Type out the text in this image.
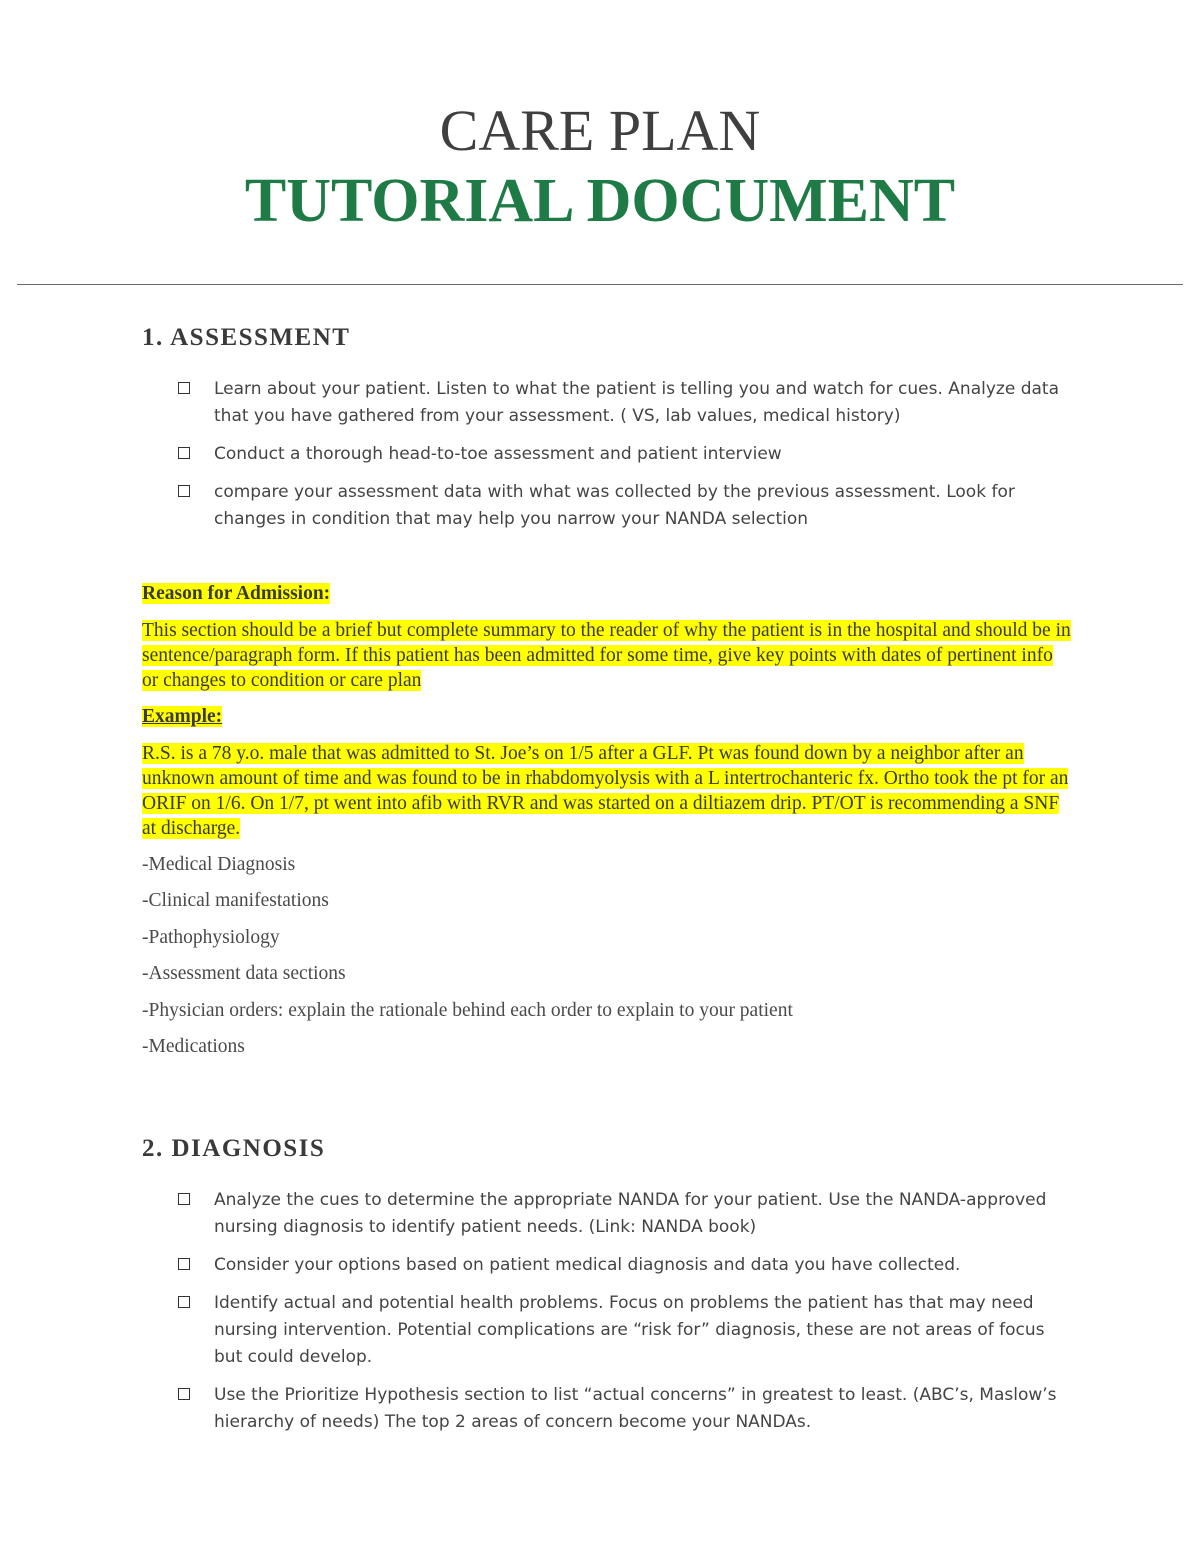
CARE PLAN
TUTORIAL DOCUMENT
1. ASSESSMENT
Learn about your patient. Listen to what the patient is telling you and watch for cues. Analyze data that you have gathered from your assessment. ( VS, lab values, medical history)
Conduct a thorough head-to-toe assessment and patient interview
compare your assessment data with what was collected by the previous assessment. Look for changes in condition that may help you narrow your NANDA selection

Reason for Admission:

This section should be a brief but complete summary to the reader of why the patient is in the hospital and should be in sentence/paragraph form. If this patient has been admitted for some time, give key points with dates of pertinent info or changes to condition or care plan

Example:

R.S. is a 78 y.o. male that was admitted to St. Joe’s on 1/5 after a GLF. Pt was found down by a neighbor after an unknown amount of time and was found to be in rhabdomyolysis with a L intertrochanteric fx. Ortho took the pt for an ORIF on 1/6. On 1/7, pt went into afib with RVR and was started on a diltiazem drip. PT/OT is recommending a SNF at discharge.

-Medical Diagnosis

-Clinical manifestations

-Pathophysiology

-Assessment data sections

-Physician orders: explain the rationale behind each order to explain to your patient

-Medications

2. DIAGNOSIS
Analyze the cues to determine the appropriate NANDA for your patient. Use the NANDA-approved nursing diagnosis to identify patient needs. (Link: NANDA book)
Consider your options based on patient medical diagnosis and data you have collected.
Identify actual and potential health problems. Focus on problems the patient has that may need nursing intervention. Potential complications are “risk for” diagnosis, these are not areas of focus but could develop.
Use the Prioritize Hypothesis section to list “actual concerns” in greatest to least. (ABC’s, Maslow’s hierarchy of needs) The top 2 areas of concern become your NANDAs.
